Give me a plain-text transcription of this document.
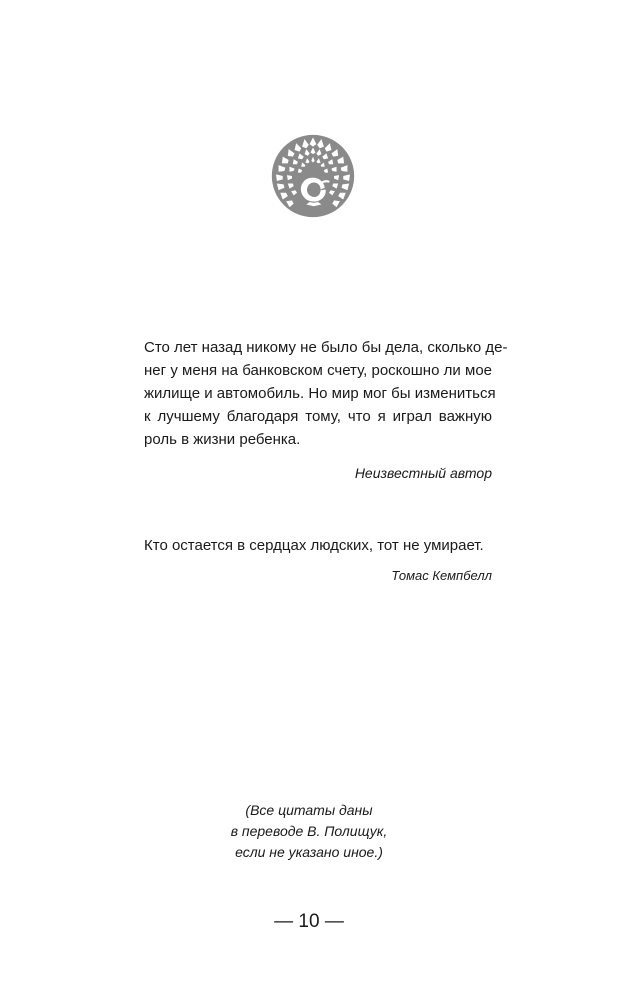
Сто лет назад никому не было бы дела, сколько де-
нег у меня на банковском счету, роскошно ли мое
жилище и автомобиль. Но мир мог бы измениться
к лучшему благодаря тому, что я играл важную
роль в жизни ребенка.

Неизвестный автор

Кто остается в сердцах людских, тот не умирает.

Томас Кемпбелл
(Все цитаты даны
в переводе В. Полищук,
если не указано иное.)
— 10 —
